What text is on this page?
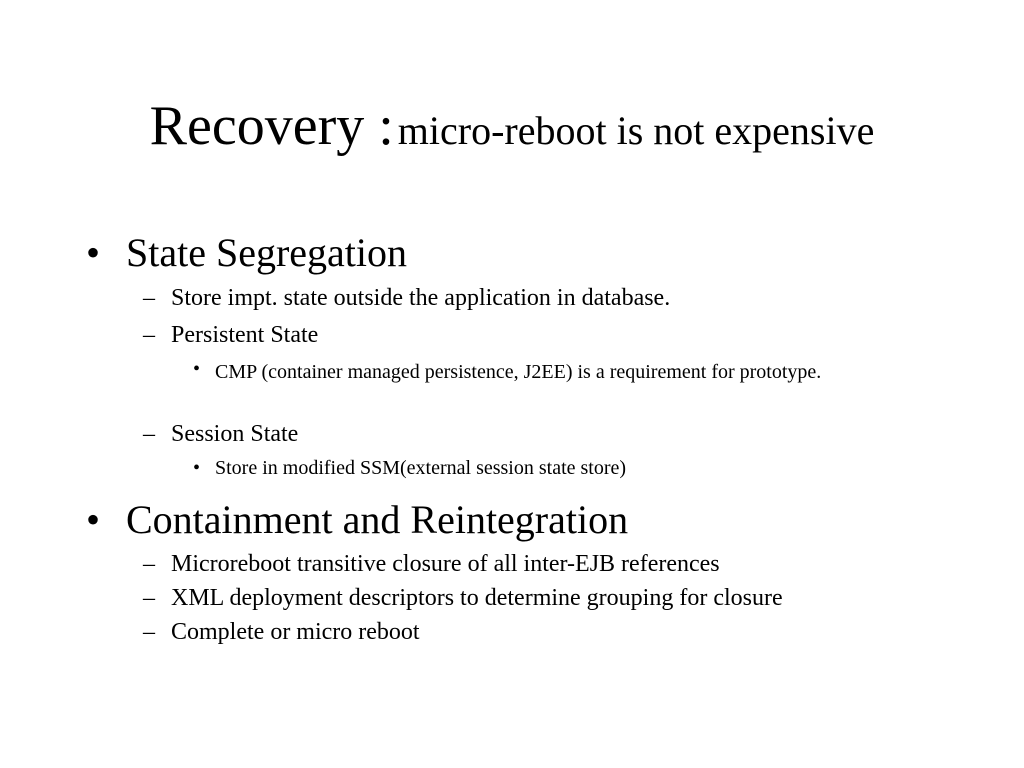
Recovery : micro-reboot is not expensive
• State Segregation
– Store impt. state outside the application in database.
– Persistent State
• CMP (container managed persistence, J2EE) is a requirement for prototype.
– Session State
• Store in modified SSM(external session state store)
• Containment and Reintegration
– Microreboot transitive closure of all inter-EJB references
– XML deployment descriptors to determine grouping for closure
– Complete or micro reboot
